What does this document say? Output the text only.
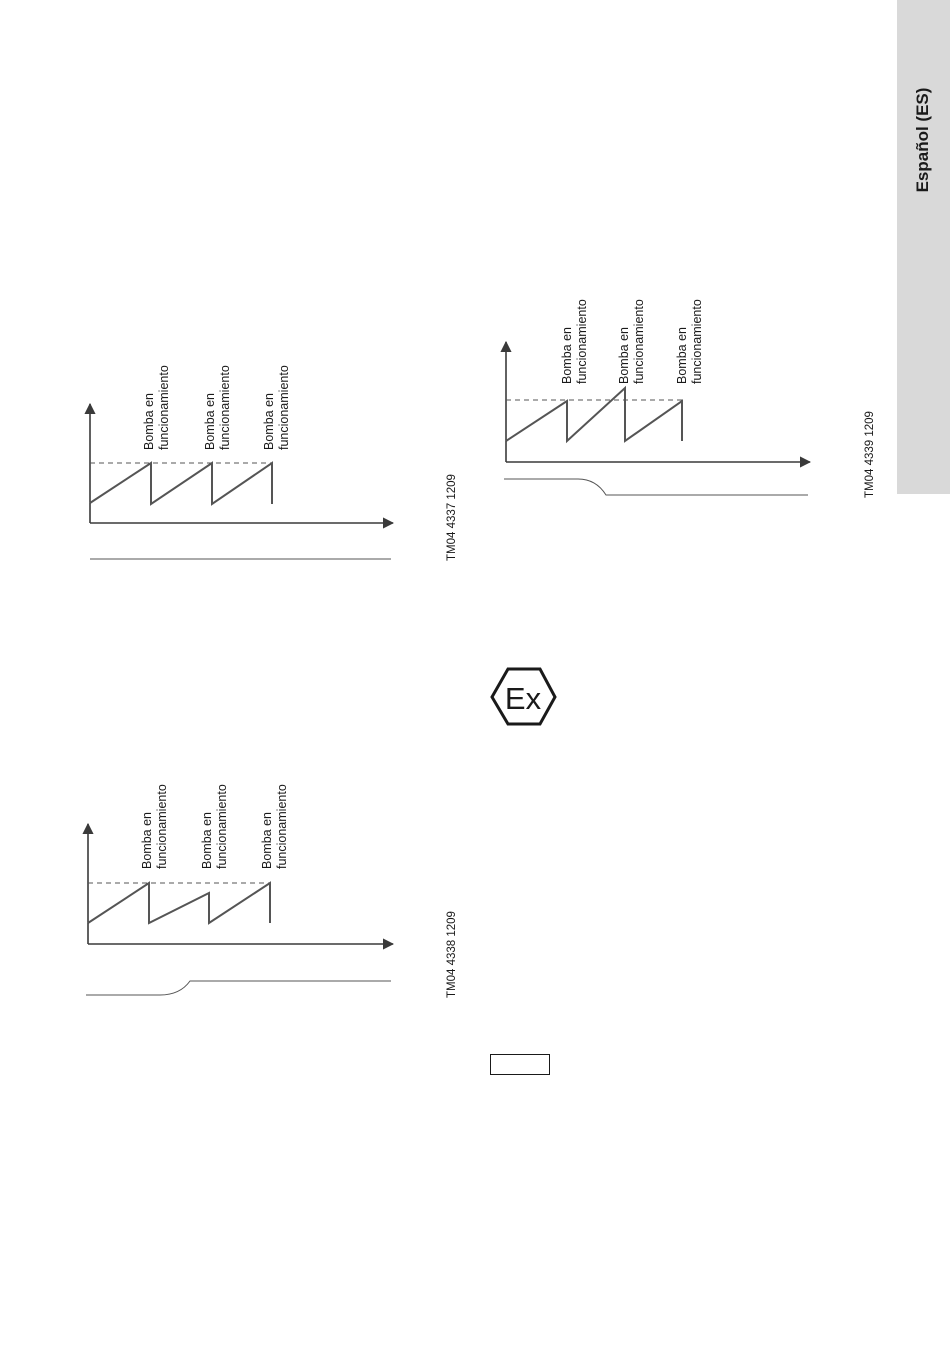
Español (ES)
Bomba en funcionamiento	Bomba en funcionamiento Bomba en funcionamiento
TM04 4337 1209
Bomba en funcionamiento Bomba en funcionamiento Bomba en funcionamiento
TM04 4338 1209
Bomba en funcionamiento Bomba en funcionamiento Bomba en funcionamiento
TM04 4339 1209
Ex
